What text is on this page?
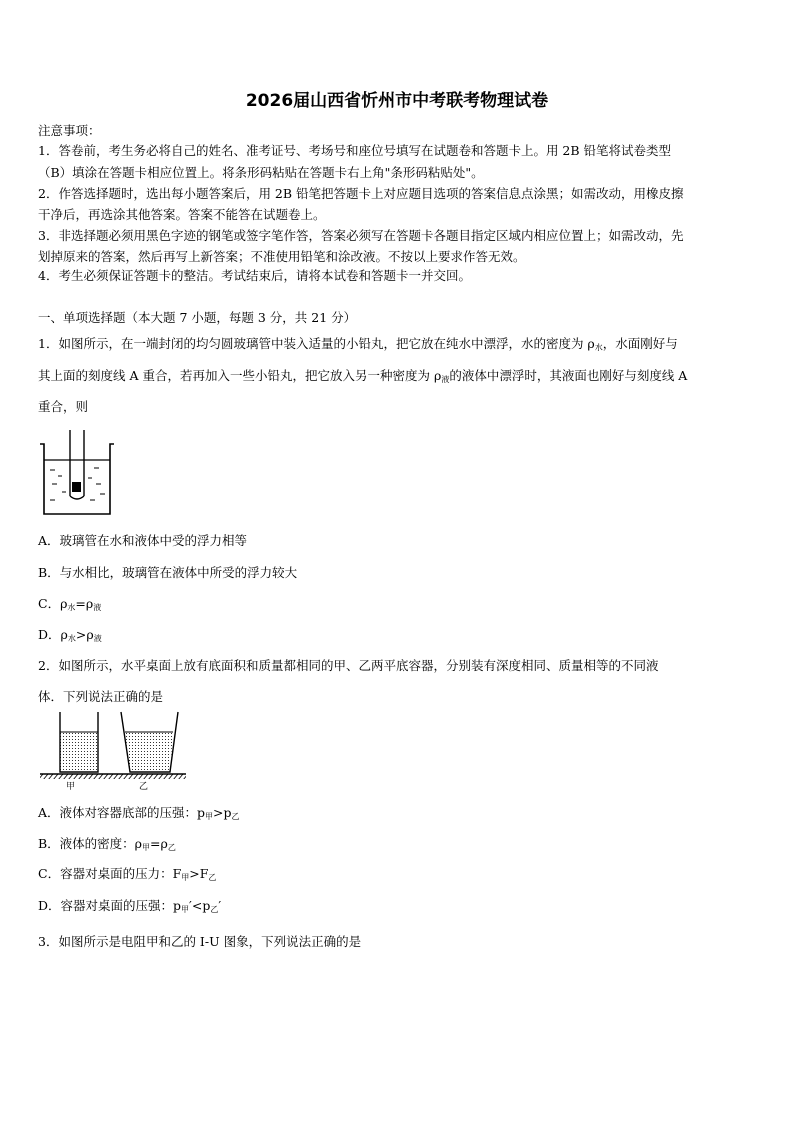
2026届山西省忻州市中考联考物理试卷
注意事项：
1．答卷前，考生务必将自己的姓名、准考证号、考场号和座位号填写在试题卷和答题卡上。用 2B 铅笔将试卷类型
（B）填涂在答题卡相应位置上。将条形码粘贴在答题卡右上角"条形码粘贴处"。
2．作答选择题时，选出每小题答案后，用 2B 铅笔把答题卡上对应题目选项的答案信息点涂黑；如需改动，用橡皮擦
干净后，再选涂其他答案。答案不能答在试题卷上。
3．非选择题必须用黑色字迹的钢笔或签字笔作答，答案必须写在答题卡各题目指定区域内相应位置上；如需改动，先
划掉原来的答案，然后再写上新答案；不准使用铅笔和涂改液。不按以上要求作答无效。
4．考生必须保证答题卡的整洁。考试结束后，请将本试卷和答题卡一并交回。
一、单项选择题（本大题 7 小题，每题 3 分，共 21 分）
1．如图所示，在一端封闭的均匀圆玻璃管中装入适量的小铅丸，把它放在纯水中漂浮，水的密度为 $\rho_水$，水面刚好与
其上面的刻度线 A 重合，若再加入一些小铅丸，把它放入另一种密度为 $\rho_液$的液体中漂浮时，其液面也刚好与刻度线 A
重合，则
A．玻璃管在水和液体中受的浮力相等
B．与水相比，玻璃管在液体中所受的浮力较大
C．$\rho_水=\rho_液$
D．$\rho_水>\rho_液$
2．如图所示，水平桌面上放有底面积和质量都相同的甲、乙两平底容器，分别装有深度相同、质量相等的不同液
体．下列说法正确的是
甲	乙
A．液体对容器底部的压强：$p_甲>p_乙$
B．液体的密度：$\rho_甲=\rho_乙$
C．容器对桌面的压力：$F_甲>F_乙$
D．容器对桌面的压强：$p_甲'<p_乙'$
3．如图所示是电阻甲和乙的 I-U 图象，下列说法正确的是
